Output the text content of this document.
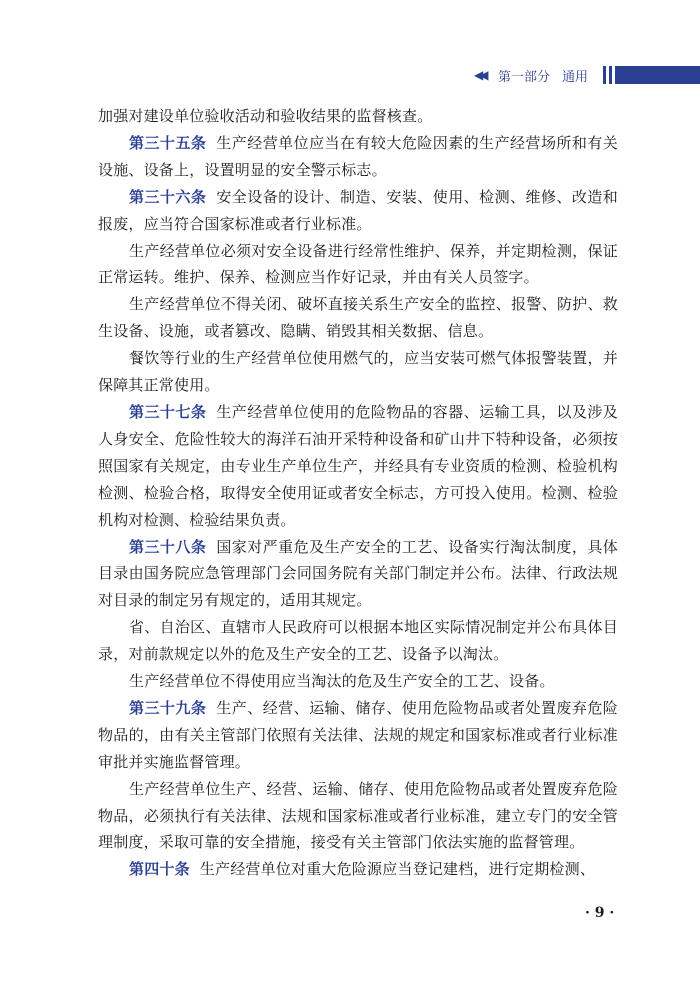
◀◀ 第一部分 通用

加强对建设单位验收活动和验收结果的监督核查。

第三十五条 生产经营单位应当在有较大危险因素的生产经营场所和有关设施、设备上，设置明显的安全警示标志。

第三十六条 安全设备的设计、制造、安装、使用、检测、维修、改造和报废，应当符合国家标准或者行业标准。

生产经营单位必须对安全设备进行经常性维护、保养，并定期检测，保证正常运转。维护、保养、检测应当作好记录，并由有关人员签字。

生产经营单位不得关闭、破坏直接关系生产安全的监控、报警、防护、救生设备、设施，或者篡改、隐瞒、销毁其相关数据、信息。

餐饮等行业的生产经营单位使用燃气的，应当安装可燃气体报警装置，并保障其正常使用。

第三十七条 生产经营单位使用的危险物品的容器、运输工具，以及涉及人身安全、危险性较大的海洋石油开采特种设备和矿山井下特种设备，必须按照国家有关规定，由专业生产单位生产，并经具有专业资质的检测、检验机构检测、检验合格，取得安全使用证或者安全标志，方可投入使用。检测、检验机构对检测、检验结果负责。

第三十八条 国家对严重危及生产安全的工艺、设备实行淘汰制度，具体目录由国务院应急管理部门会同国务院有关部门制定并公布。法律、行政法规对目录的制定另有规定的，适用其规定。

省、自治区、直辖市人民政府可以根据本地区实际情况制定并公布具体目录，对前款规定以外的危及生产安全的工艺、设备予以淘汰。

生产经营单位不得使用应当淘汰的危及生产安全的工艺、设备。

第三十九条 生产、经营、运输、储存、使用危险物品或者处置废弃危险物品的，由有关主管部门依照有关法律、法规的规定和国家标准或者行业标准审批并实施监督管理。

生产经营单位生产、经营、运输、储存、使用危险物品或者处置废弃危险物品，必须执行有关法律、法规和国家标准或者行业标准，建立专门的安全管理制度，采取可靠的安全措施，接受有关主管部门依法实施的监督管理。

第四十条 生产经营单位对重大危险源应当登记建档，进行定期检测、

· 9 ·
